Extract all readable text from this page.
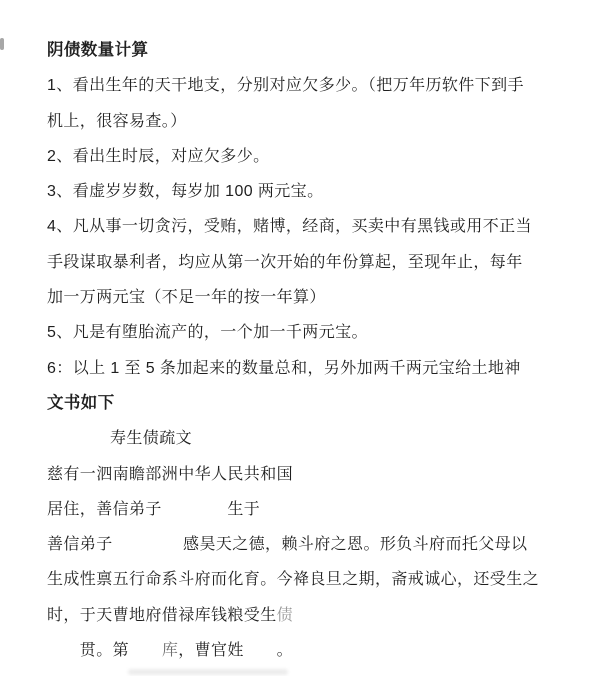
阴债数量计算
1、看出生年的天干地支，分别对应欠多少。（把万年历软件下到手
机上，很容易查。）
2、看出生时辰，对应欠多少。
3、看虚岁岁数，每岁加 100 两元宝。
4、凡从事一切贪污，受贿，赌博，经商，买卖中有黑钱或用不正当
手段谋取暴利者，均应从第一次开始的年份算起，至现年止，每年
加一万两元宝（不足一年的按一年算）
5、凡是有堕胎流产的，一个加一千两元宝。
6：以上 1 至 5 条加起来的数量总和，另外加两千两元宝给土地神
文书如下
寿生债疏文
慈有一泗南瞻部洲中华人民共和国
居住，善信弟子　　　　生于
善信弟子　　　　 感昊天之德，赖斗府之恩。形负斗府而托父母以
生成性禀五行命系斗府而化育。今袶良旦之期，斋戒诚心，还受生之
时，于天曹地府借禄库钱粮受生债
　　贯。第　　库，曹官姓　　。
